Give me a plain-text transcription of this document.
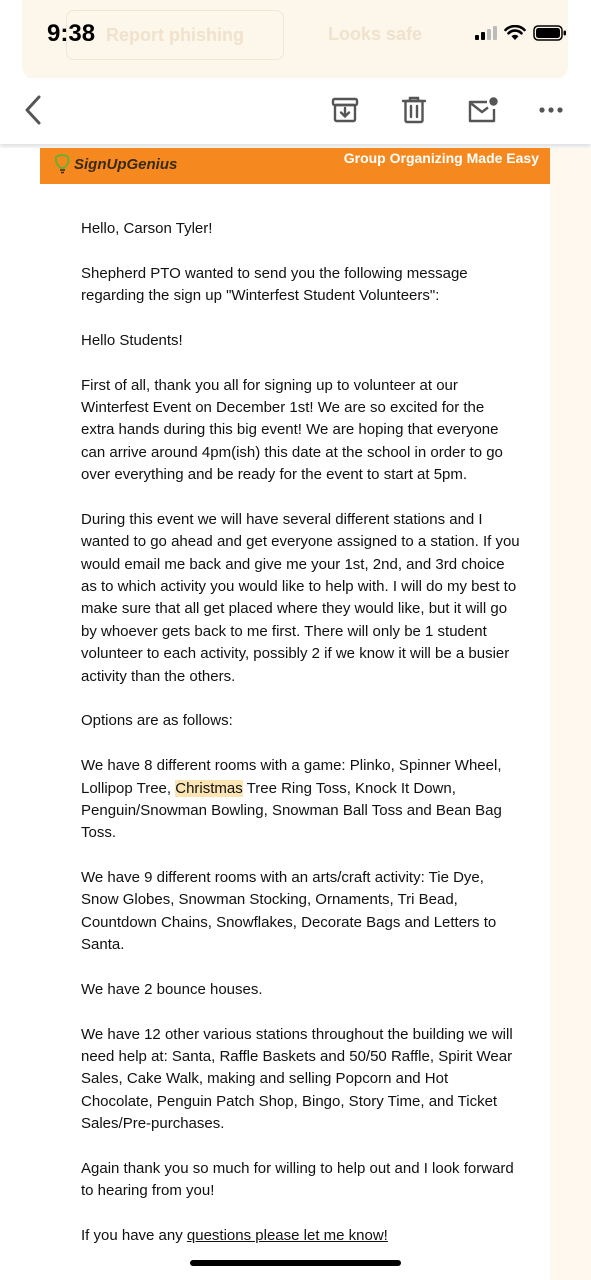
Report phishing	Looks safe
9:38
SignUpGenius	Group Organizing Made Easy

Hello, Carson Tyler!

Shepherd PTO wanted to send you the following message regarding the sign up "Winterfest Student Volunteers":

Hello Students!

First of all, thank you all for signing up to volunteer at our Winterfest Event on December 1st! We are so excited for the extra hands during this big event! We are hoping that everyone can arrive around 4pm(ish) this date at the school in order to go over everything and be ready for the event to start at 5pm.

During this event we will have several different stations and I wanted to go ahead and get everyone assigned to a station. If you would email me back and give me your 1st, 2nd, and 3rd choice as to which activity you would like to help with. I will do my best to make sure that all get placed where they would like, but it will go by whoever gets back to me first. There will only be 1 student volunteer to each activity, possibly 2 if we know it will be a busier activity than the others.

Options are as follows:

We have 8 different rooms with a game: Plinko, Spinner Wheel, Lollipop Tree, Christmas Tree Ring Toss, Knock It Down, Penguin/Snowman Bowling, Snowman Ball Toss and Bean Bag Toss.

We have 9 different rooms with an arts/craft activity: Tie Dye, Snow Globes, Snowman Stocking, Ornaments, Tri Bead, Countdown Chains, Snowflakes, Decorate Bags and Letters to Santa.

We have 2 bounce houses.

We have 12 other various stations throughout the building we will need help at: Santa, Raffle Baskets and 50/50 Raffle, Spirit Wear Sales, Cake Walk, making and selling Popcorn and Hot Chocolate, Penguin Patch Shop, Bingo, Story Time, and Ticket Sales/Pre-purchases.

Again thank you so much for willing to help out and I look forward to hearing from you!

If you have any questions please let me know!
